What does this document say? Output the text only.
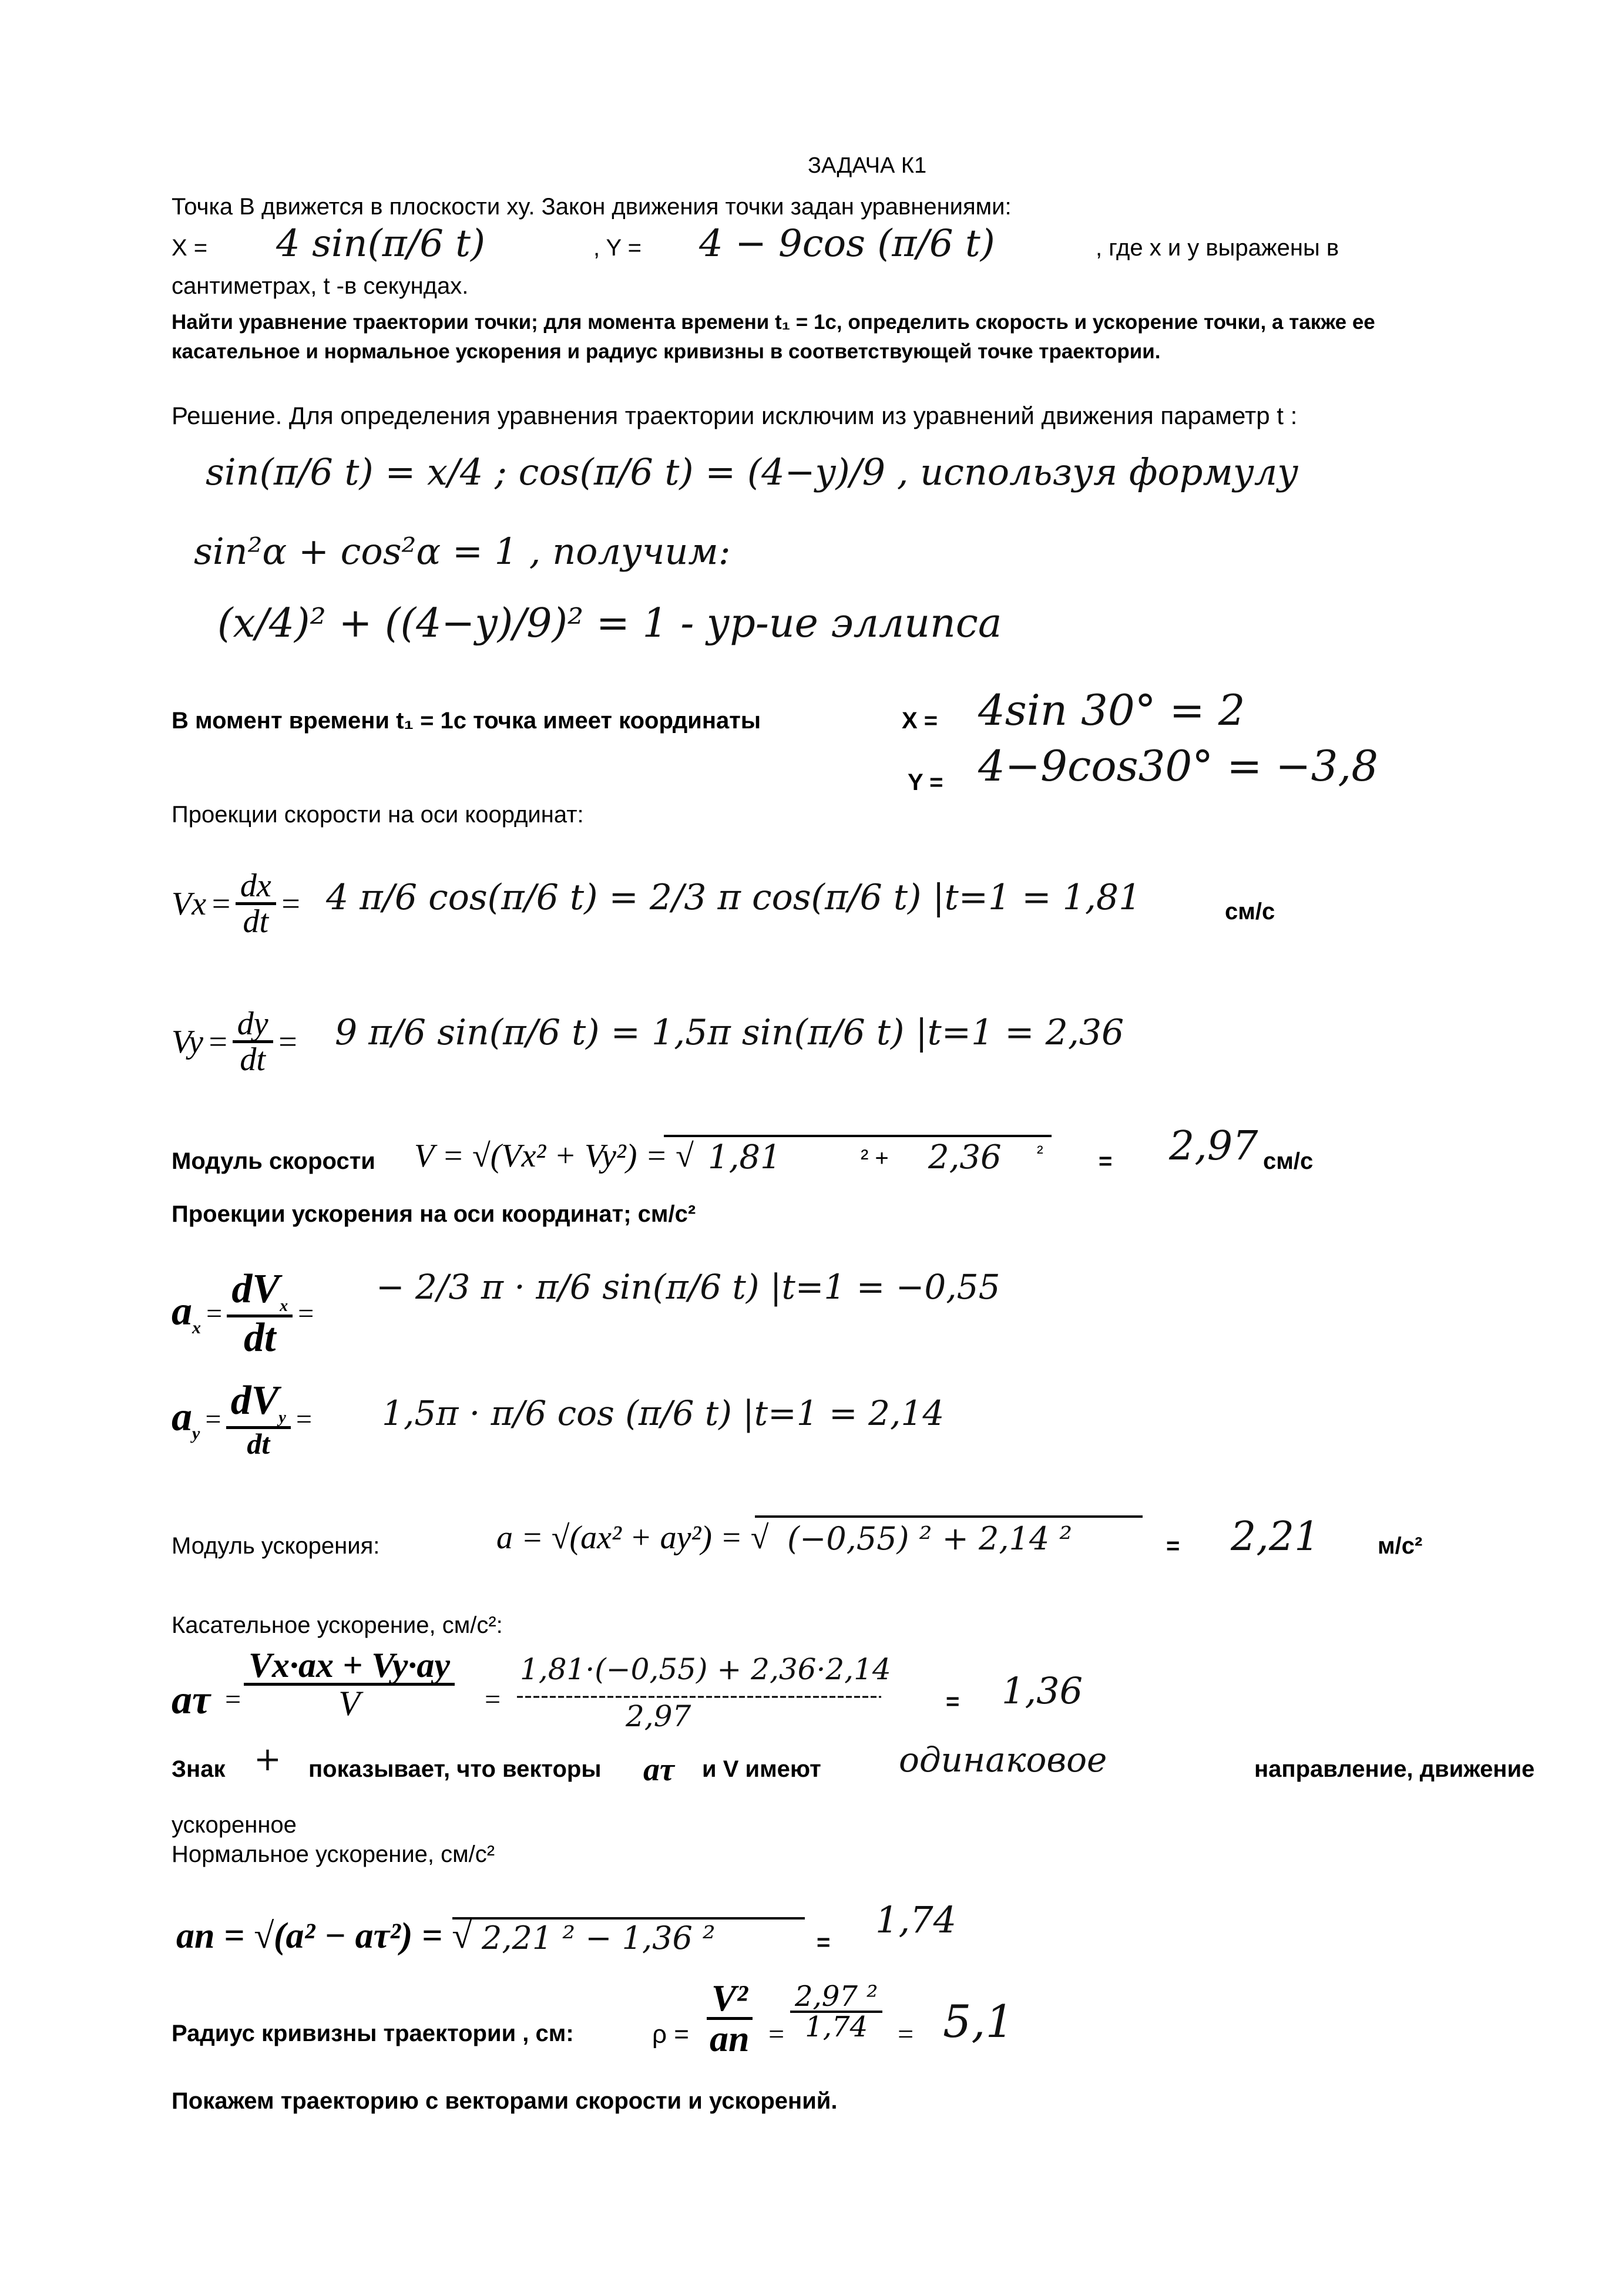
ЗАДАЧА К1
Точка B движется в плоскости xy. Закон движения точки задан уравнениями:
X = 4 sin(π/6 t)	, Y = 4 − 9cos (π/6 t)	, где x и y выражены в
сантиметрах, t -в секундах.
Найти уравнение траектории точки; для момента времени t₁ = 1с, определить скорость и ускорение точки, а также ее
касательное и нормальное ускорения и радиус кривизны в соответствующей точке траектории.
Решение. Для определения уравнения траектории исключим из уравнений движения параметр t :
sin(π/6 t) = x/4 ; cos(π/6 t) = (4−y)/9 , используя формулу
sin²α + cos²α = 1 , получим:
(x/4)² + ((4−y)/9)² = 1 - ур-ие эллипса
В момент времени t₁ = 1с точка имеет координаты	X = 4sin 30° = 2
Y = 4−9cos30° = −3,8
Проекции скорости на оси координат:
$Vx = \frac{dx}{dt} = 4$ π/6 cos(π/6 t) = 2/3 π cos(π/6 t) |t=1 = 1,81	см/с
$Vy = \frac{dy}{dt} = 9$ π/6 sin(π/6 t) = 1,5π sin(π/6 t) |t=1 = 2,36
Модуль скорости V = √(Vx² + Vy²) = √ 1,81	² + 2,36 ² = 2,97 см/с
Проекции ускорения на оси координат; см/с²
$a_x = \frac{dV_x}{dt}$ =
− 2/3 π · π/6 sin(π/6 t) |t=1 = −0,55
$a_y = \frac{dV_y}{dt} = 1,5\pi \cdot \pi/6$ cos (π/6 t) |t=1 = 2,14
Модуль ускорения:	a = √(ax² + ay²) = √ (−0,55) ² + 2,14 ²	= 2,21 м/с²
Касательное ускорение, см/с²:
$a\tau = \frac{Vx\cdot ax + Vy\cdot ay}{V}$ =
1,81·(−0,55) + 2,36·2,14
2,97	= 1,36
Знак + показывает, что векторы aτ и V имеют одинаковое	направление, движение
ускоренное
Нормальное ускорение, см/с²
an = √(a² − aτ²) = √ 2,21 ² − 1,36 ²	=
1,74
Радиус кривизны траектории , см:	$\rho = \frac{\text{V²}}{an} = \frac{\text{2,97 ²}}{1,74} = 5,1$
Покажем траекторию с векторами скорости и ускорений.
